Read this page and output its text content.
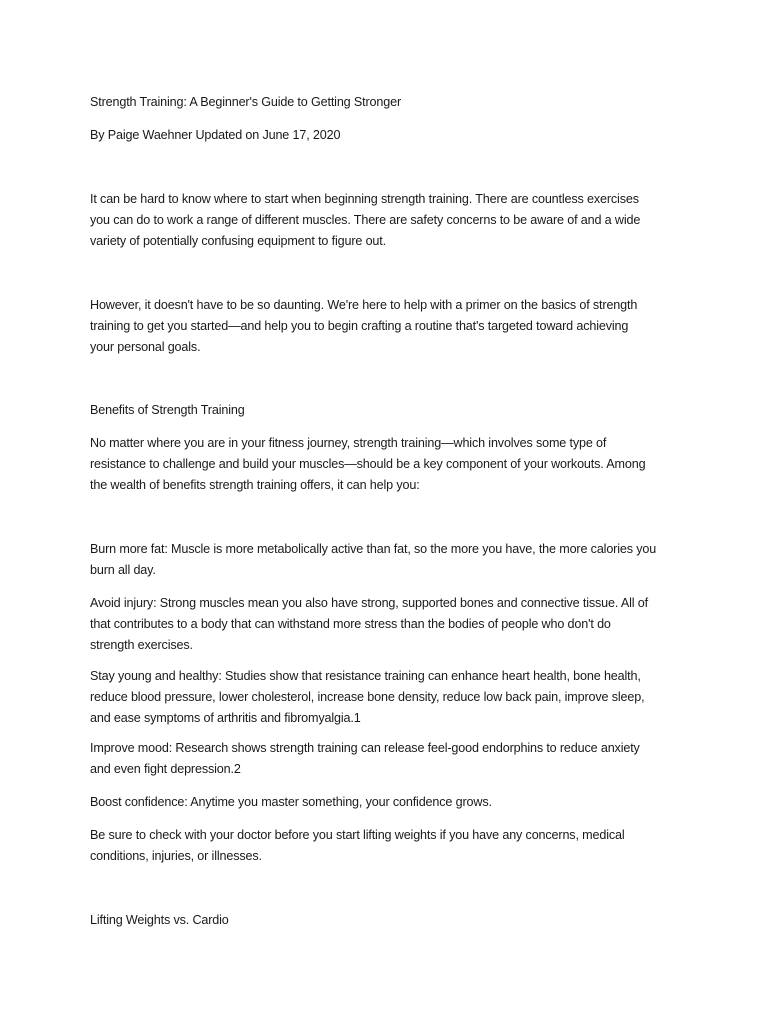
Strength Training: A Beginner's Guide to Getting Stronger

By Paige Waehner Updated on June 17, 2020

It can be hard to know where to start when beginning strength training. There are countless exercises
you can do to work a range of different muscles. There are safety concerns to be aware of and a wide
variety of potentially confusing equipment to figure out.

However, it doesn't have to be so daunting. We're here to help with a primer on the basics of strength
training to get you started—and help you to begin crafting a routine that's targeted toward achieving
your personal goals.

Benefits of Strength Training

No matter where you are in your fitness journey, strength training—which involves some type of
resistance to challenge and build your muscles—should be a key component of your workouts. Among
the wealth of benefits strength training offers, it can help you:

Burn more fat: Muscle is more metabolically active than fat, so the more you have, the more calories you
burn all day.

Avoid injury: Strong muscles mean you also have strong, supported bones and connective tissue. All of
that contributes to a body that can withstand more stress than the bodies of people who don't do
strength exercises.

Stay young and healthy: Studies show that resistance training can enhance heart health, bone health,
reduce blood pressure, lower cholesterol, increase bone density, reduce low back pain, improve sleep,
and ease symptoms of arthritis and fibromyalgia.1

Improve mood: Research shows strength training can release feel-good endorphins to reduce anxiety
and even fight depression.2

Boost confidence: Anytime you master something, your confidence grows.

Be sure to check with your doctor before you start lifting weights if you have any concerns, medical
conditions, injuries, or illnesses.

Lifting Weights vs. Cardio
